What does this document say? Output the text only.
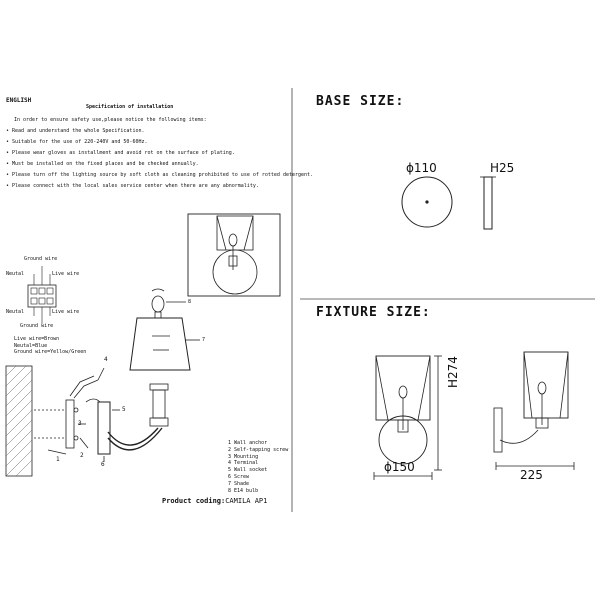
ENGLISH
Specification of installation
In order to ensure safety use,please notice the following items:
• Read and understand the whole Specification.
• Suitable for the use of 220-240V and 50-60Hz.
• Please wear gloves as installment and avoid rot on the surface of plating.
• Must be installed on the fixed places and be checked annually.
• Please turn off the lighting source by soft cloth as cleaning prohibited to use of rotted detergent.
• Please connect with the local sales service center when there are any abnormality.
Ground wire
Neutal	Live wire
Neutal	Live wire
Ground wire
Live wire=Brown
Neutal=Blue
Ground wire=Yellow/Green
8
7
4
5
3
1
2
6
1 Wall anchor
2 Self-tapping screw
3 Mounting
4 Terminal
5 Wall socket
6 Screw
7 Shade
8 E14 bulb
Product coding:CAMILA AP1
BASE SIZE:
ϕ110	H25
FIXTURE SIZE:
H274
ϕ150
225
